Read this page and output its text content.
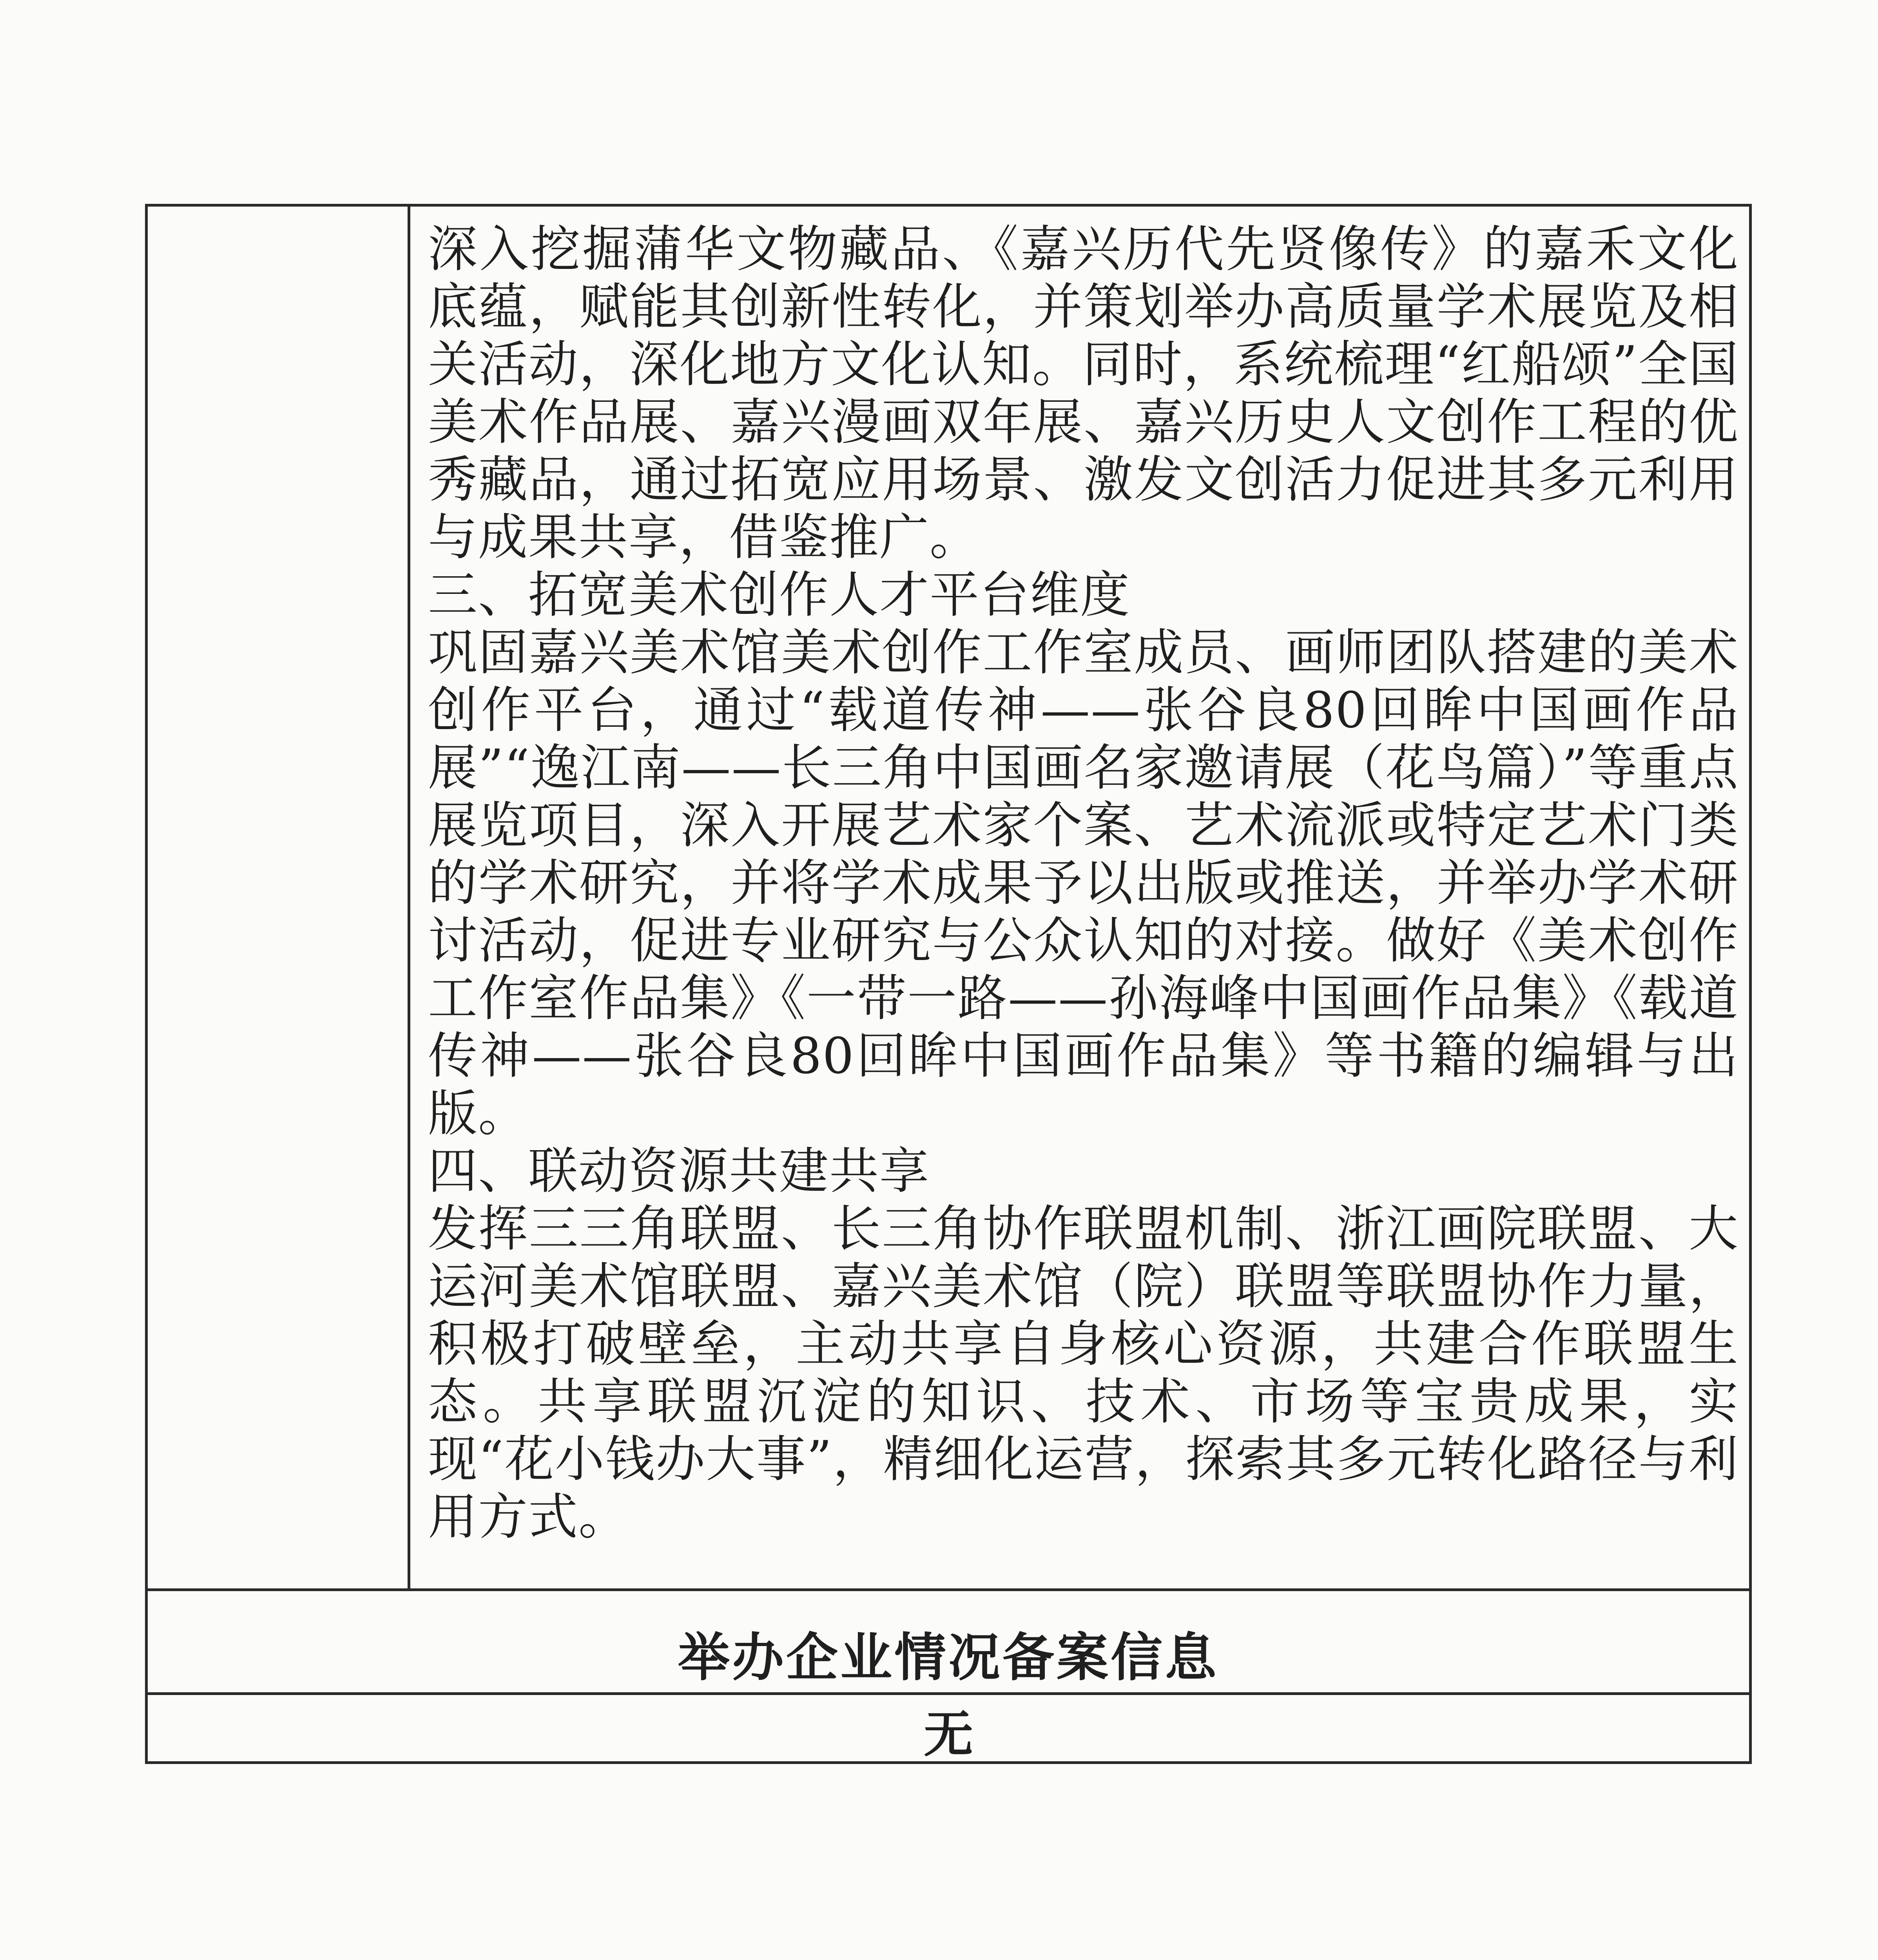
深入挖掘蒲华文物藏品、《嘉兴历代先贤像传》的嘉禾文化底蕴，赋能其创新性转化，并策划举办高质量学术展览及相关活动，深化地方文化认知。同时，系统梳理“红船颂”全国美术作品展、嘉兴漫画双年展、嘉兴历史人文创作工程的优秀藏品，通过拓宽应用场景、激发文创活力促进其多元利用与成果共享，借鉴推广。

三、拓宽美术创作人才平台维度

巩固嘉兴美术馆美术创作工作室成员、画师团队搭建的美术创作平台，通过“载道传神——张谷良80回眸中国画作品展”“逸江南——长三角中国画名家邀请展（花鸟篇）”等重点展览项目，深入开展艺术家个案、艺术流派或特定艺术门类的学术研究，并将学术成果予以出版或推送，并举办学术研讨活动，促进专业研究与公众认知的对接。做好《美术创作工作室作品集》《一带一路——孙海峰中国画作品集》《载道传神——张谷良80回眸中国画作品集》等书籍的编辑与出版。

四、联动资源共建共享

发挥三三角联盟、长三角协作联盟机制、浙江画院联盟、大运河美术馆联盟、嘉兴美术馆（院）联盟等联盟协作力量，积极打破壁垒，主动共享自身核心资源，共建合作联盟生态。共享联盟沉淀的知识、技术、市场等宝贵成果，实现“花小钱办大事”，精细化运营，探索其多元转化路径与利用方式。

举办企业情况备案信息
无
